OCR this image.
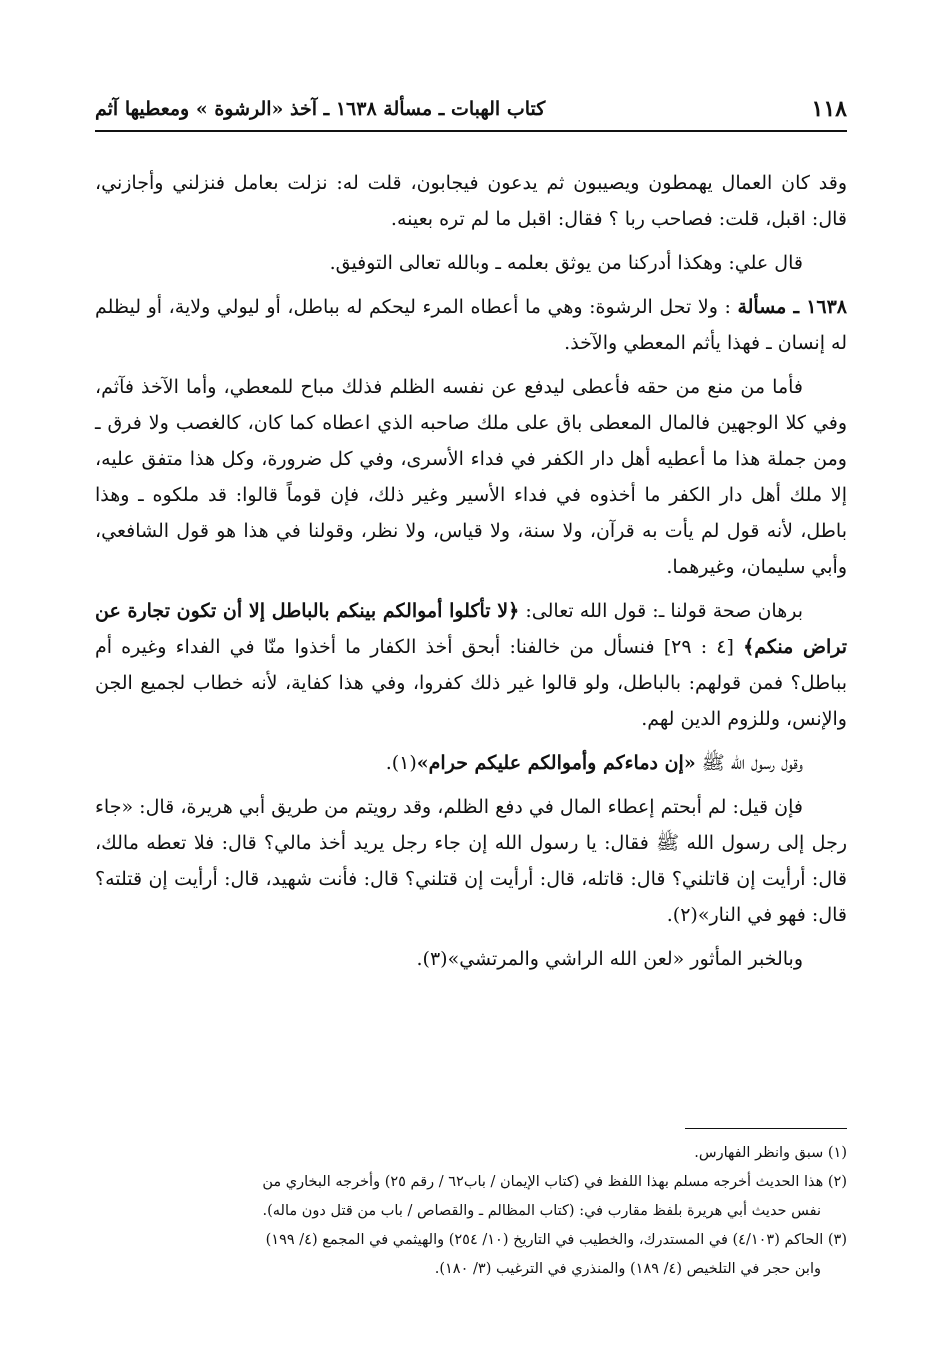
١١٨
كتاب الهبات ـ مسألة ١٦٣٨ ـ آخذ «الرشوة » ومعطيها آثم

وقد كان العمال يهمطون ويصيبون ثم يدعون فيجابون، قلت له: نزلت بعامل فنزلني وأجازني، قال: اقبل، قلت: فصاحب ربا ؟ فقال: اقبل ما لم تره بعينه.

قال علي: وهكذا أدركنا من يوثق بعلمه ـ وبالله تعالى التوفيق.

١٦٣٨ ـ مسألة : ولا تحل الرشوة: وهي ما أعطاه المرء ليحكم له بباطل، أو ليولي ولاية، أو ليظلم له إنسان ـ فهذا يأثم المعطي والآخذ.

فأما من منع من حقه فأعطى ليدفع عن نفسه الظلم فذلك مباح للمعطي، وأما الآخذ فآثم، وفي كلا الوجهين فالمال المعطى باق على ملك صاحبه الذي اعطاه كما كان، كالغصب ولا فرق ـ ومن جملة هذا ما أعطيه أهل دار الكفر في فداء الأسرى، وفي كل ضرورة، وكل هذا متفق عليه، إلا ملك أهل دار الكفر ما أخذوه في فداء الأسير وغير ذلك، فإن قوماً قالوا: قد ملكوه ـ وهذا باطل، لأنه قول لم يأت به قرآن، ولا سنة، ولا قياس، ولا نظر، وقولنا في هذا هو قول الشافعي، وأبي سليمان، وغيرهما.

برهان صحة قولنا ـ: قول الله تعالى: ﴿لا تأكلوا أموالكم بينكم بالباطل إلا أن تكون تجارة عن تراض منكم﴾ [٤ : ٢٩] فنسأل من خالفنا: أبحق أخذ الكفار ما أخذوا منّا في الفداء وغيره أم بباطل؟ فمن قولهم: بالباطل، ولو قالوا غير ذلك كفروا، وفي هذا كفاية، لأنه خطاب لجميع الجن والإنس، وللزوم الدين لهم.

وقول رسول الله ﷺ «إن دماءكم وأموالكم عليكم حرام»(١).

فإن قيل: لم أبحتم إعطاء المال في دفع الظلم، وقد رويتم من طريق أبي هريرة، قال: «جاء رجل إلى رسول الله ﷺ فقال: يا رسول الله إن جاء رجل يريد أخذ مالي؟ قال: فلا تعطه مالك، قال: أرأيت إن قاتلني؟ قال: قاتله، قال: أرأيت إن قتلني؟ قال: فأنت شهيد، قال: أرأيت إن قتلته؟ قال: فهو في النار»(٢).

وبالخبر المأثور «لعن الله الراشي والمرتشي»(٣).

(١) سبق وانظر الفهارس.

(٢) هذا الحديث أخرجه مسلم بهذا اللفظ في (كتاب الإيمان / باب٦٢ / رقم ٢٥) وأخرجه البخاري من

نفس حديث أبي هريرة بلفظ مقارب في: (كتاب المظالم ـ والقصاص / باب من قتل دون ماله).

(٣) الحاكم (٤/١٠٣) في المستدرك، والخطيب في التاريخ (١٠/ ٢٥٤) والهيثمي في المجمع (٤/ ١٩٩)

وابن حجر في التلخيص (٤/ ١٨٩) والمنذري في الترغيب (٣/ ١٨٠).
